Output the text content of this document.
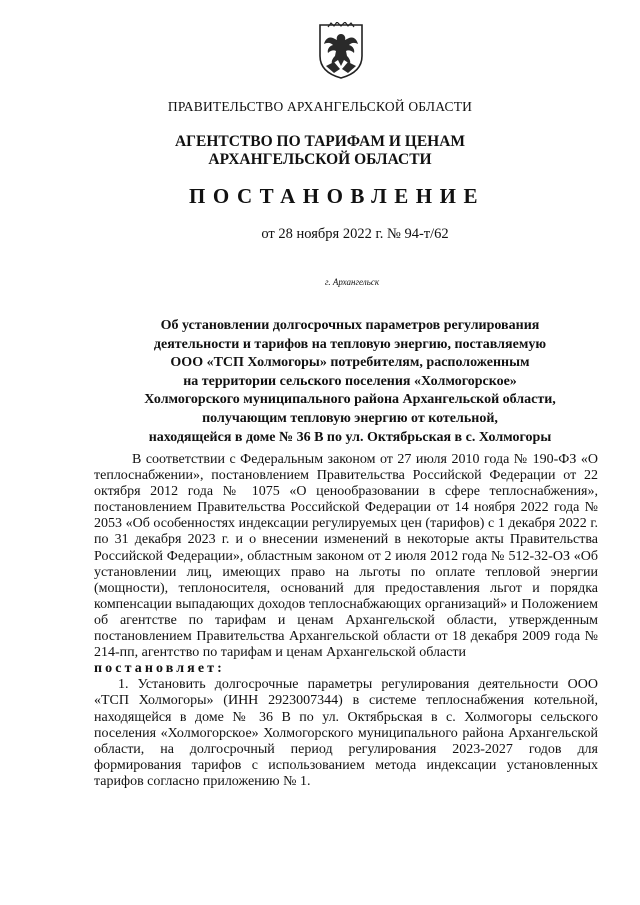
ПРАВИТЕЛЬСТВО АРХАНГЕЛЬСКОЙ ОБЛАСТИ
АГЕНТСТВО ПО ТАРИФАМ И ЦЕНАМ
АРХАНГЕЛЬСКОЙ ОБЛАСТИ
ПОСТАНОВЛЕНИЕ
от 28 ноября 2022 г. № 94-т/62
г. Архангельск
Об установлении долгосрочных параметров регулирования
деятельности и тарифов на тепловую энергию, поставляемую
ООО «ТСП Холмогоры» потребителям, расположенным
на территории сельского поселения «Холмогорское»
Холмогорского муниципального района Архангельской области,
получающим тепловую энергию от котельной,
находящейся в доме № 36 В по ул. Октябрьская в с. Холмогоры

В соответствии с Федеральным законом от 27 июля 2010 года № 190-ФЗ «О теплоснабжении», постановлением Правительства Российской Федерации от 22 октября 2012 года № 1075 «О ценообразовании в сфере теплоснабжения», постановлением Правительства Российской Федерации от 14 ноября 2022 года № 2053 «Об особенностях индексации регулируемых цен (тарифов) с 1 декабря 2022 г. по 31 декабря 2023 г. и о внесении изменений в некоторые акты Правительства Российской Федерации», областным законом от 2 июля 2012 года № 512-32-ОЗ «Об установлении лиц, имеющих право на льготы по оплате тепловой энергии (мощности), теплоносителя, оснований для предоставления льгот и порядка компенсации выпадающих доходов теплоснабжающих организаций» и Положением об агентстве по тарифам и ценам Архангельской области, утвержденным постановлением Правительства Архангельской области от 18 декабря 2009 года № 214-пп, агентство по тарифам и ценам Архангельской области

постановляет:

1. Установить долгосрочные параметры регулирования деятельности ООО «ТСП Холмогоры» (ИНН 2923007344) в системе теплоснабжения котельной, находящейся в доме № 36 В по ул. Октябрьская в с. Холмогоры сельского поселения «Холмогорское» Холмогорского муниципального района Архангельской области, на долгосрочный период регулирования 2023-2027 годов для формирования тарифов с использованием метода индексации установленных тарифов согласно приложению № 1.
